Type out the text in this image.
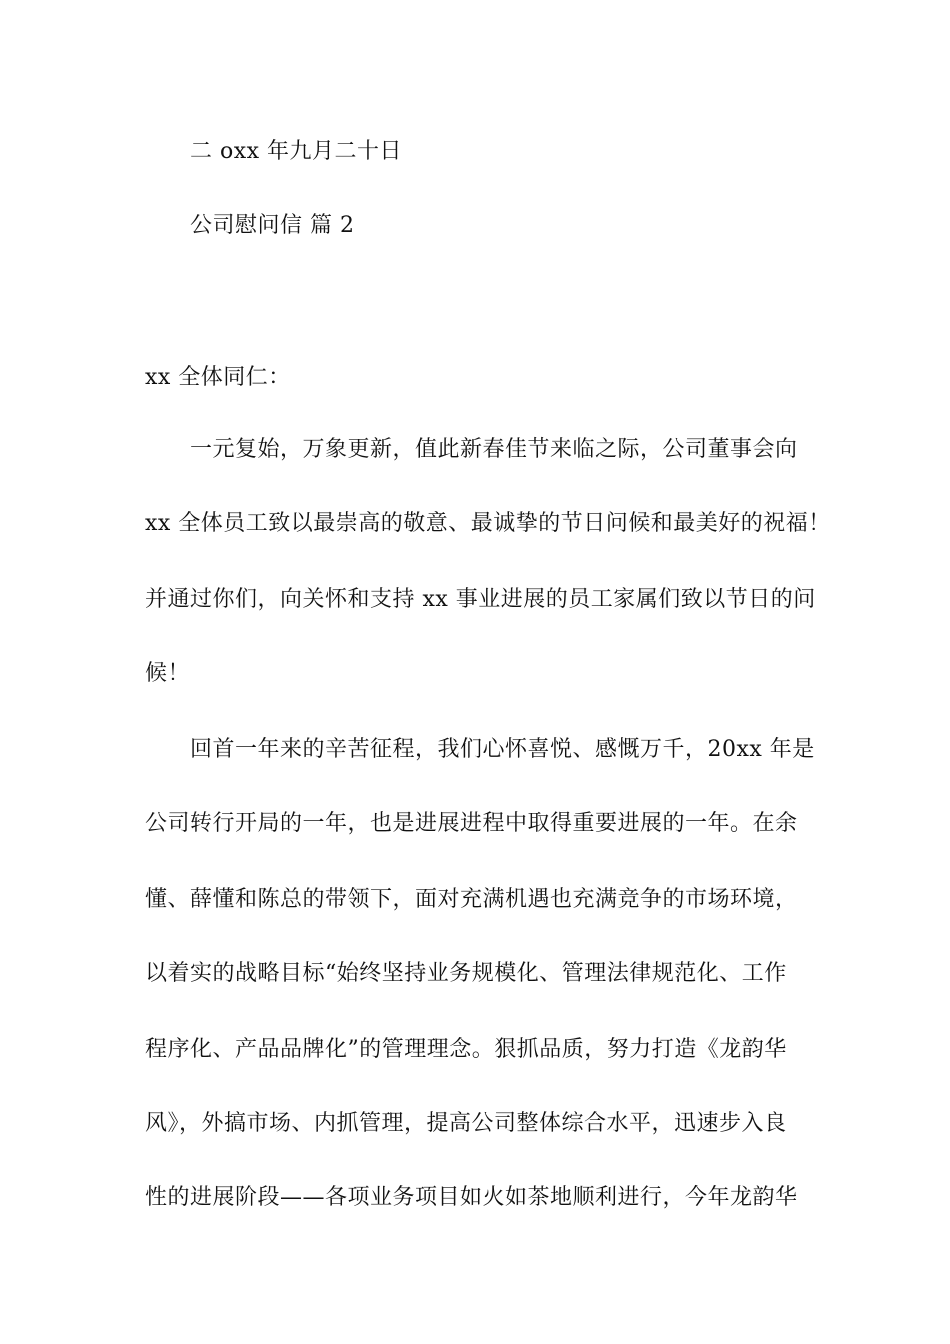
二 oxx 年九月二十日
公司慰问信 篇 2
xx 全体同仁：
一元复始，万象更新，值此新春佳节来临之际，公司董事会向
xx 全体员工致以最崇高的敬意、最诚挚的节日问候和最美好的祝福！
并通过你们，向关怀和支持 xx 事业进展的员工家属们致以节日的问
候！
回首一年来的辛苦征程，我们心怀喜悦、感慨万千，20xx 年是
公司转行开局的一年，也是进展进程中取得重要进展的一年。在余
懂、薛懂和陈总的带领下，面对充满机遇也充满竞争的市场环境，
以着实的战略目标“始终坚持业务规模化、管理法律规范化、工作
程序化、产品品牌化”的管理理念。狠抓品质，努力打造《龙韵华
风》，外搞市场、内抓管理，提高公司整体综合水平，迅速步入良
性的进展阶段——各项业务项目如火如茶地顺利进行，今年龙韵华
